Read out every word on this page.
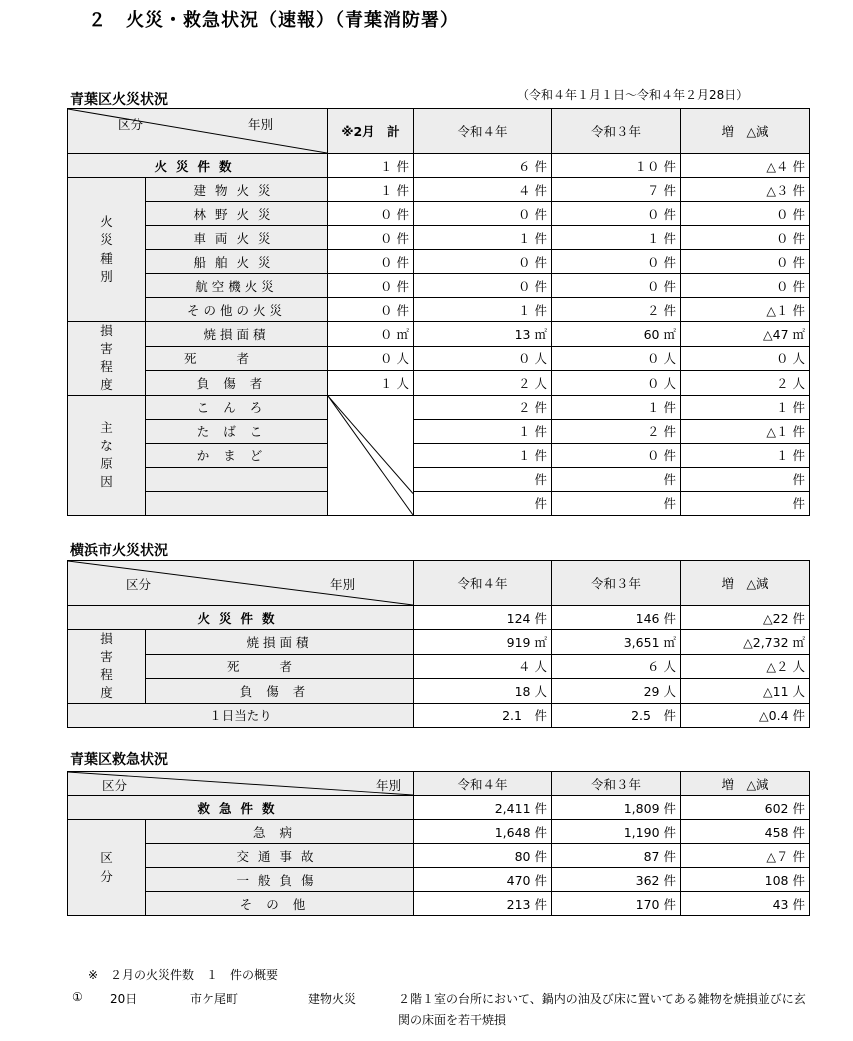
２　火災・救急状況（速報）（青葉消防署）
青葉区火災状況	（令和４年１月１日～令和４年２月28日）
区分 年別		※2月　計	令和４年	令和３年	増　△減
火災件数		１ 件	６ 件	１０ 件	△４ 件
火災種別	建物火災	１ 件	４ 件	７ 件	△３ 件
	林野火災	０ 件	０ 件	０ 件	０ 件
	車両火災	０ 件	１ 件	１ 件	０ 件
	船舶火災	０ 件	０ 件	０ 件	０ 件
	航空機火災	０ 件	０ 件	０ 件	０ 件
	その他の火災	０ 件	１ 件	２ 件	△１ 件
損害程度	焼損面積	０ ㎡	13 ㎡	60 ㎡	△47 ㎡
	死者	０ 人	０ 人	０ 人	０ 人
	負傷者	１ 人	２ 人	０ 人	２ 人
主な原因	こんろ		２ 件	１ 件	１ 件
	たばこ		１ 件	２ 件	△１ 件
	かまど		１ 件	０ 件	１ 件
			件	件	件
			件	件	件
横浜市火災状況
区分 年別		令和４年	令和３年	増　△減
火災件数		124 件	146 件	△22 件
損害程度	焼損面積	919 ㎡	3,651 ㎡	△2,732 ㎡
	死者	４ 人	６ 人	△２ 人
	負傷者	18 人	29 人	△11 人
１日当たり		2.1　件	2.5　件	△0.4 件
青葉区救急状況
区分 年別		令和４年	令和３年	増　△減
救急件数		2,411 件	1,809 件	602 件
区分	急病	1,648 件	1,190 件	458 件
	交通事故	80 件	87 件	△７ 件
	一般負傷	470 件	362 件	108 件
	その他	213 件	170 件	43 件
※　２月の火災件数　１　件の概要
① 20日	市ケ尾町	建物火災	２階１室の台所において、鍋内の油及び床に置いてある雑物を焼損並びに玄
関の床面を若干焼損
